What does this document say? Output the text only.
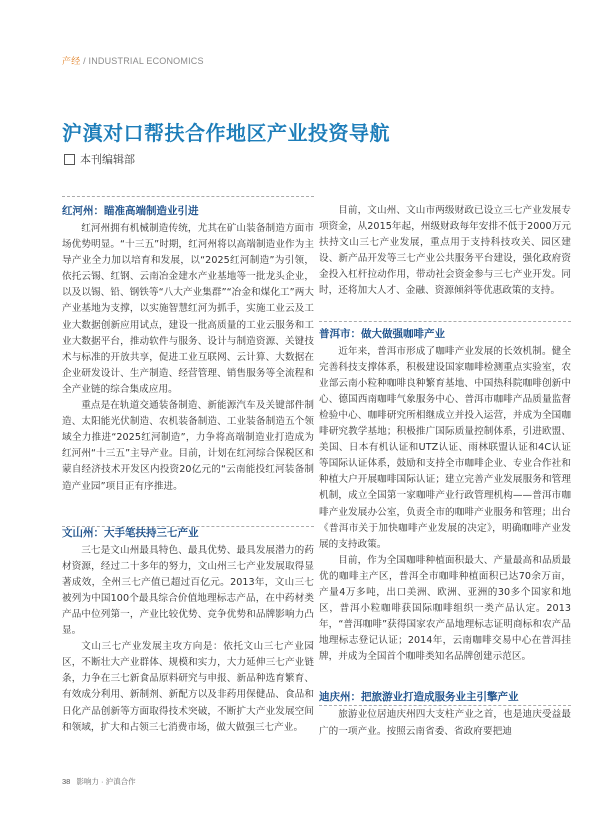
产经 / INDUSTRIAL ECONOMICS
沪滇对口帮扶合作地区产业投资导航
本刊编辑部

红河州：瞄准高端制造业引进

红河州拥有机械制造传统，尤其在矿山装备制造方面市场优势明显。“十三五”时期，红河州将以高端制造业作为主导产业全力加以培育和发展，以“2025红河制造”为引领，依托云锡、红钢、云南冶金建水产业基地等一批龙头企业，以及以锡、铅、钢铁等“八大产业集群”“冶金和煤化工”两大产业基地为支撑，以实施智慧红河为抓手，实施工业云及工业大数据创新应用试点，建设一批高质量的工业云服务和工业大数据平台，推动软件与服务、设计与制造资源、关键技术与标准的开放共享，促进工业互联网、云计算、大数据在企业研发设计、生产制造、经营管理、销售服务等全流程和全产业链的综合集成应用。

重点是在轨道交通装备制造、新能源汽车及关键部件制造、太阳能光伏制造、农机装备制造、工业装备制造五个领域全力推进“2025红河制造”，力争将高端制造业打造成为红河州“十三五”主导产业。目前，计划在红河综合保税区和蒙自经济技术开发区内投资20亿元的“云南能投红河装备制造产业园”项目正有序推进。

文山州：大手笔扶持三七产业

三七是文山州最具特色、最具优势、最具发展潜力的药材资源，经过二十多年的努力，文山州三七产业发展取得显著成效，全州三七产值已超过百亿元。2013年，文山三七被列为中国100个最具综合价值地理标志产品，在中药材类产品中位列第一，产业比较优势、竞争优势和品牌影响力凸显。

文山三七产业发展主攻方向是：依托文山三七产业园区，不断壮大产业群体、规模和实力，大力延伸三七产业链条，力争在三七新食品原料研究与申报、新品种选育繁育、有效成分利用、新制剂、新配方以及非药用保健品、食品和日化产品创新等方面取得技术突破，不断扩大产业发展空间和领域，扩大和占领三七消费市场，做大做强三七产业。

目前，文山州、文山市两级财政已设立三七产业发展专项资金，从2015年起，州级财政每年安排不低于2000万元扶持文山三七产业发展，重点用于支持科技攻关、园区建设、新产品开发等三七产业公共服务平台建设，强化政府资金投入杠杆拉动作用，带动社会资金参与三七产业开发。同时，还将加大人才、金融、资源倾斜等优惠政策的支持。

普洱市：做大做强咖啡产业

近年来，普洱市形成了咖啡产业发展的长效机制。健全完善科技支撑体系，积极建设国家咖啡检测重点实验室，农业部云南小粒种咖啡良种繁育基地、中国热科院咖啡创新中心、德国西南咖啡气象服务中心、普洱市咖啡产品质量监督检验中心、咖啡研究所相继成立并投入运营，并成为全国咖啡研究教学基地；积极推广国际质量控制体系，引进欧盟、美国、日本有机认证和UTZ认证、雨林联盟认证和4C认证等国际认证体系，鼓励和支持全市咖啡企业、专业合作社和种植大户开展咖啡国际认证；建立完善产业发展服务和管理机制，成立全国第一家咖啡产业行政管理机构——普洱市咖啡产业发展办公室，负责全市的咖啡产业服务和管理；出台《普洱市关于加快咖啡产业发展的决定》，明确咖啡产业发展的支持政策。

目前，作为全国咖啡种植面积最大、产量最高和品质最优的咖啡主产区，普洱全市咖啡种植面积已达70余万亩，产量4万多吨，出口美洲、欧洲、亚洲的30多个国家和地区，普洱小粒咖啡获国际咖啡组织一类产品认定。2013年，“普洱咖啡”获得国家农产品地理标志证明商标和农产品地理标志登记认证；2014年，云南咖啡交易中心在普洱挂牌，并成为全国首个咖啡类知名品牌创建示范区。

迪庆州：把旅游业打造成服务业主引擎产业

旅游业位居迪庆州四大支柱产业之首，也是迪庆受益最广的一项产业。按照云南省委、省政府要把迪

38 影响力 · 沪滇合作
